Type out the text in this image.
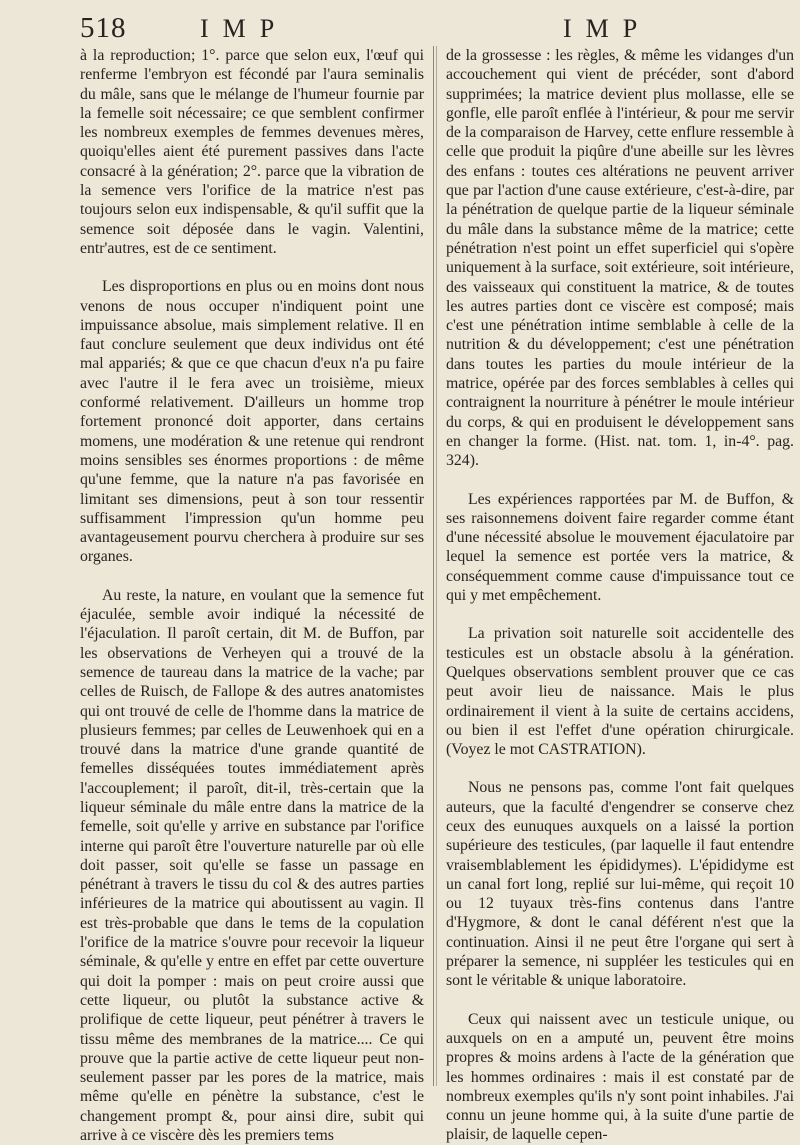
518	IMP	IMP

à la reproduction; 1°. parce que selon eux, l'œuf qui renferme l'embryon est fécondé par l'aura seminalis du mâle, sans que le mélange de l'humeur fournie par la femelle soit nécessaire; ce que semblent confirmer les nombreux exemples de femmes devenues mères, quoiqu'elles aient été purement passives dans l'acte consacré à la génération; 2°. parce que la vibration de la semence vers l'orifice de la matrice n'est pas toujours selon eux indispensable, & qu'il suffit que la semence soit déposée dans le vagin. Valentini, entr'autres, est de ce sentiment.

Les disproportions en plus ou en moins dont nous venons de nous occuper n'indiquent point une impuissance absolue, mais simplement relative. Il en faut conclure seulement que deux individus ont été mal appariés; & que ce que chacun d'eux n'a pu faire avec l'autre il le fera avec un troisième, mieux conformé relativement. D'ailleurs un homme trop fortement prononcé doit apporter, dans certains momens, une modération & une retenue qui rendront moins sensibles ses énormes proportions : de même qu'une femme, que la nature n'a pas favorisée en limitant ses dimensions, peut à son tour ressentir suffisamment l'impression qu'un homme peu avantageusement pourvu cherchera à produire sur ses organes.

Au reste, la nature, en voulant que la semence fut éjaculée, semble avoir indiqué la nécessité de l'éjaculation. Il paroît certain, dit M. de Buffon, par les observations de Verheyen qui a trouvé de la semence de taureau dans la matrice de la vache; par celles de Ruisch, de Fallope & des autres anatomistes qui ont trouvé de celle de l'homme dans la matrice de plusieurs femmes; par celles de Leuwenhoek qui en a trouvé dans la matrice d'une grande quantité de femelles disséquées toutes immédiatement après l'accouplement; il paroît, dit-il, très-certain que la liqueur séminale du mâle entre dans la matrice de la femelle, soit qu'elle y arrive en substance par l'orifice interne qui paroît être l'ouverture naturelle par où elle doit passer, soit qu'elle se fasse un passage en pénétrant à travers le tissu du col & des autres parties inférieures de la matrice qui aboutissent au vagin. Il est très-probable que dans le tems de la copulation l'orifice de la matrice s'ouvre pour recevoir la liqueur séminale, & qu'elle y entre en effet par cette ouverture qui doit la pomper : mais on peut croire aussi que cette liqueur, ou plutôt la substance active & prolifique de cette liqueur, peut pénétrer à travers le tissu même des membranes de la matrice.... Ce qui prouve que la partie active de cette liqueur peut non-seulement passer par les pores de la matrice, mais même qu'elle en pénètre la substance, c'est le changement prompt &, pour ainsi dire, subit qui arrive à ce viscère dès les premiers tems

de la grossesse : les règles, & même les vidanges d'un accouchement qui vient de précéder, sont d'abord supprimées; la matrice devient plus mollasse, elle se gonfle, elle paroît enflée à l'intérieur, & pour me servir de la comparaison de Harvey, cette enflure ressemble à celle que produit la piqûre d'une abeille sur les lèvres des enfans : toutes ces altérations ne peuvent arriver que par l'action d'une cause extérieure, c'est-à-dire, par la pénétration de quelque partie de la liqueur séminale du mâle dans la substance même de la matrice; cette pénétration n'est point un effet superficiel qui s'opère uniquement à la surface, soit extérieure, soit intérieure, des vaisseaux qui constituent la matrice, & de toutes les autres parties dont ce viscère est composé; mais c'est une pénétration intime semblable à celle de la nutrition & du développement; c'est une pénétration dans toutes les parties du moule intérieur de la matrice, opérée par des forces semblables à celles qui contraignent la nourriture à pénétrer le moule intérieur du corps, & qui en produisent le développement sans en changer la forme. (Hist. nat. tom. 1, in-4°. pag. 324).

Les expériences rapportées par M. de Buffon, & ses raisonnemens doivent faire regarder comme étant d'une nécessité absolue le mouvement éjaculatoire par lequel la semence est portée vers la matrice, & conséquemment comme cause d'impuissance tout ce qui y met empêchement.

La privation soit naturelle soit accidentelle des testicules est un obstacle absolu à la génération. Quelques observations semblent prouver que ce cas peut avoir lieu de naissance. Mais le plus ordinairement il vient à la suite de certains accidens, ou bien il est l'effet d'une opération chirurgicale. (Voyez le mot CASTRATION).

Nous ne pensons pas, comme l'ont fait quelques auteurs, que la faculté d'engendrer se conserve chez ceux des eunuques auxquels on a laissé la portion supérieure des testicules, (par laquelle il faut entendre vraisemblablement les épididymes). L'épididyme est un canal fort long, replié sur lui-même, qui reçoit 10 ou 12 tuyaux très-fins contenus dans l'antre d'Hygmore, & dont le canal déférent n'est que la continuation. Ainsi il ne peut être l'organe qui sert à préparer la semence, ni suppléer les testicules qui en sont le véritable & unique laboratoire.

Ceux qui naissent avec un testicule unique, ou auxquels on en a amputé un, peuvent être moins propres & moins ardens à l'acte de la génération que les hommes ordinaires : mais il est constaté par de nombreux exemples qu'ils n'y sont point inhabiles. J'ai connu un jeune homme qui, à la suite d'une partie de plaisir, de laquelle cepen-
